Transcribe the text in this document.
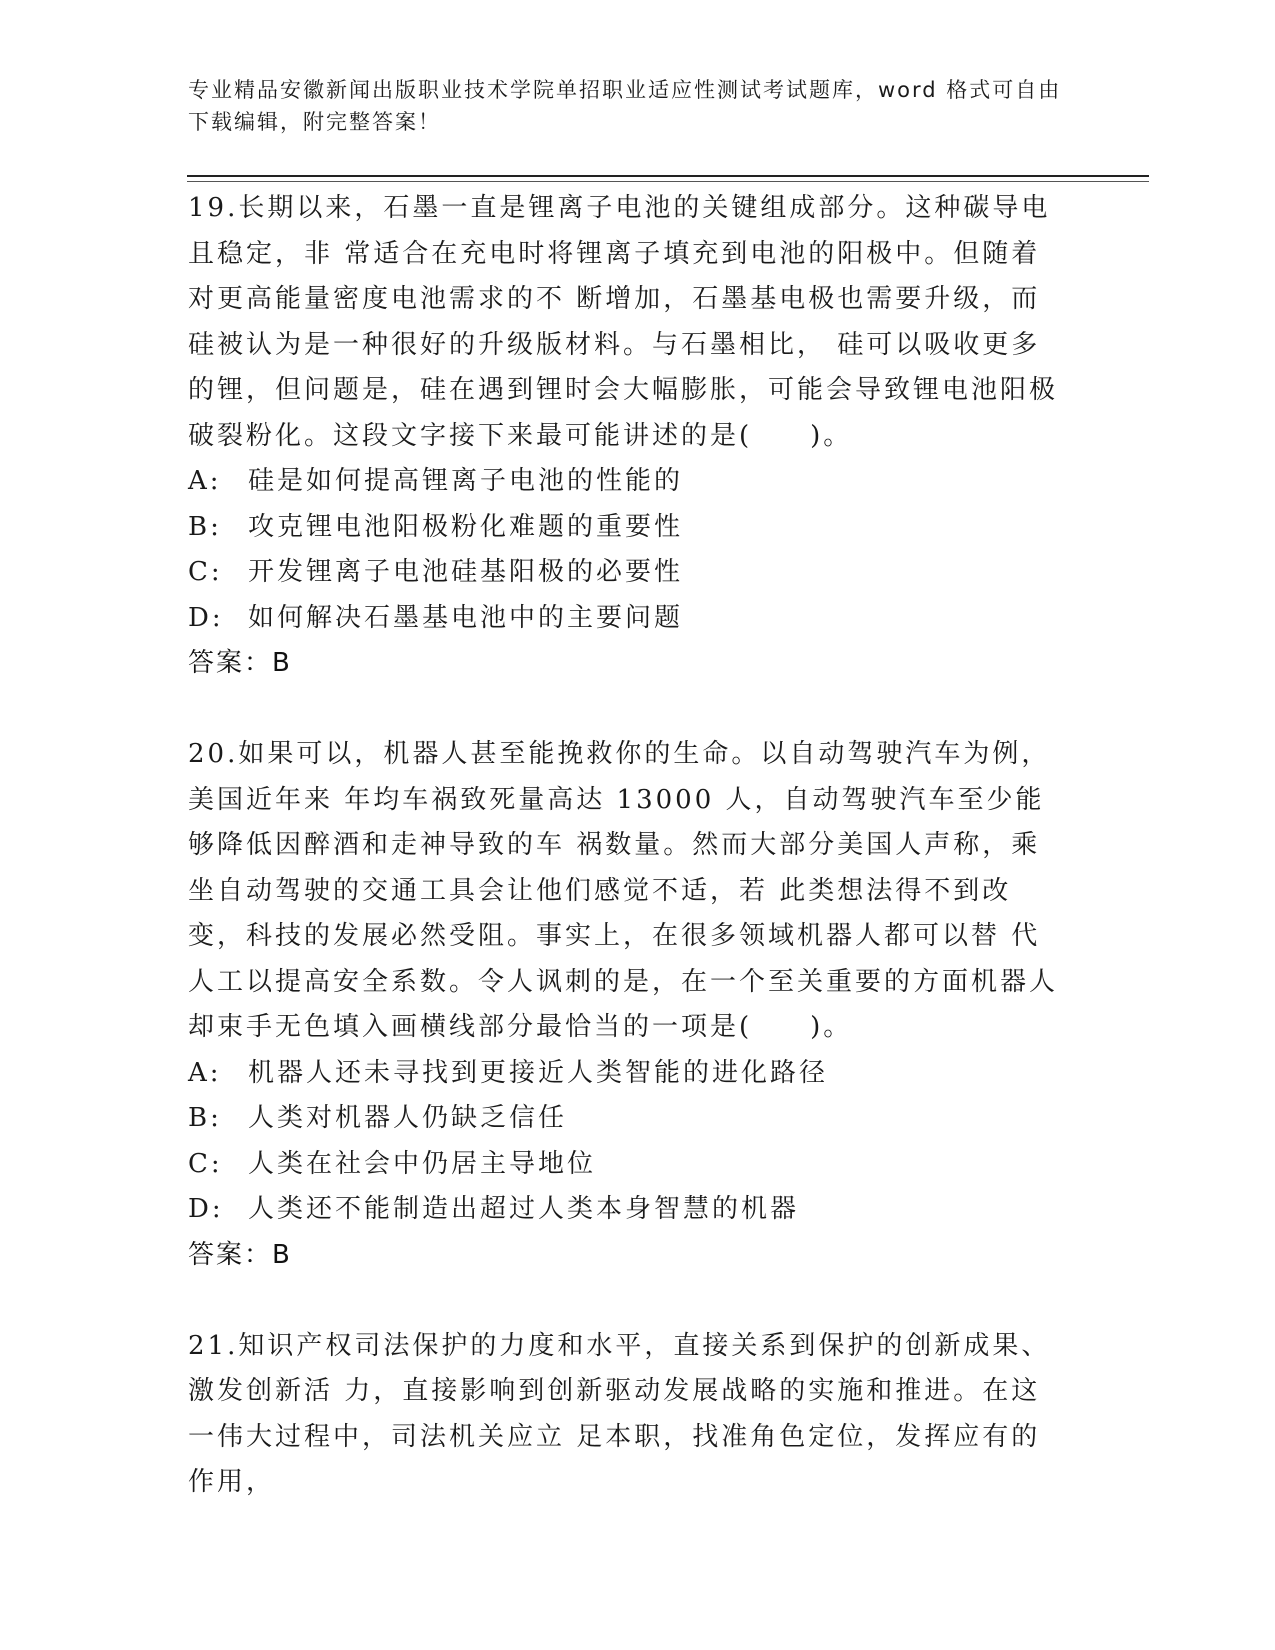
专业精品安徽新闻出版职业技术学院单招职业适应性测试考试题库，word 格式可自由下载编辑，附完整答案！

19.长期以来，石墨一直是锂离子电池的关键组成部分。这种碳导电且稳定，非 常适合在充电时将锂离子填充到电池的阳极中。但随着对更高能量密度电池需求的不 断增加，石墨基电极也需要升级，而硅被认为是一种很好的升级版材料。与石墨相比， 硅可以吸收更多的锂，但问题是，硅在遇到锂时会大幅膨胀，可能会导致锂电池阳极破裂粉化。这段文字接下来最可能讲述的是(　　)。

A: 硅是如何提高锂离子电池的性能的
B: 攻克锂电池阳极粉化难题的重要性
C: 开发锂离子电池硅基阳极的必要性
D: 如何解决石墨基电池中的主要问题
答案：B

20.如果可以，机器人甚至能挽救你的生命。以自动驾驶汽车为例，美国近年来 年均车祸致死量高达 13000 人，自动驾驶汽车至少能够降低因醉酒和走神导致的车 祸数量。然而大部分美国人声称，乘坐自动驾驶的交通工具会让他们感觉不适，若 此类想法得不到改变，科技的发展必然受阻。事实上，在很多领域机器人都可以替 代人工以提高安全系数。令人讽刺的是，在一个至关重要的方面机器人却束手无色填入画横线部分最恰当的一项是(　　)。

A: 机器人还未寻找到更接近人类智能的进化路径
B: 人类对机器人仍缺乏信任
C: 人类在社会中仍居主导地位
D: 人类还不能制造出超过人类本身智慧的机器
答案：B

21.知识产权司法保护的力度和水平，直接关系到保护的创新成果、激发创新活 力，直接影响到创新驱动发展战略的实施和推进。在这一伟大过程中，司法机关应立 足本职，找准角色定位，发挥应有的作用，
